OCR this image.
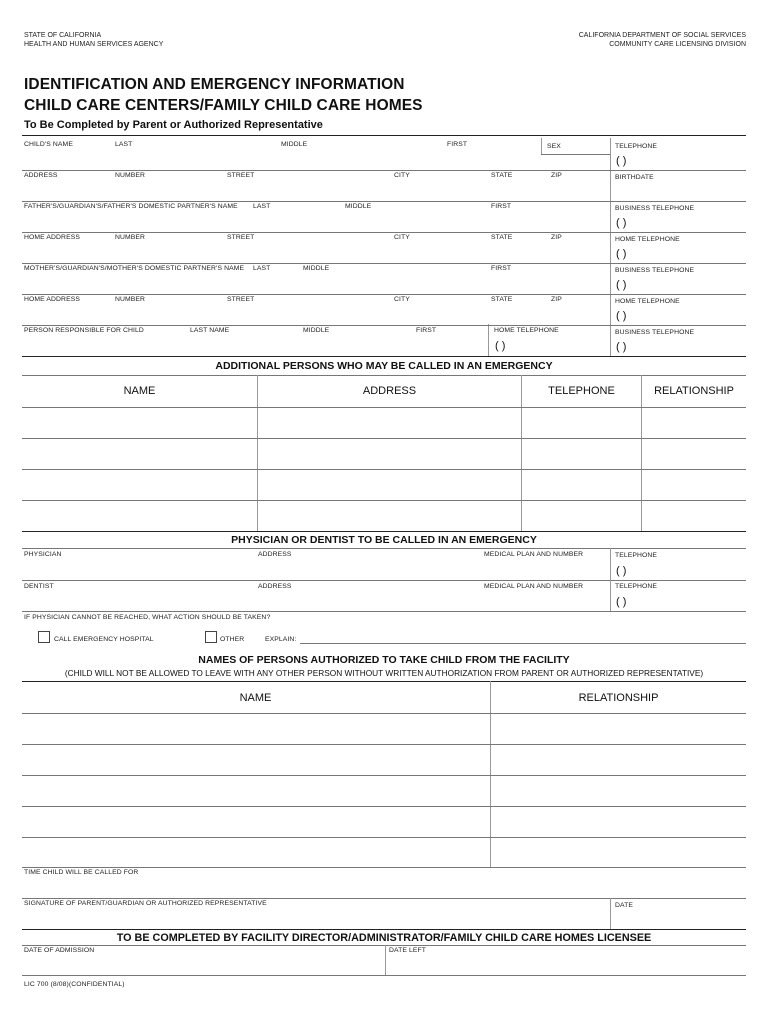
STATE OF CALIFORNIA
HEALTH AND HUMAN SERVICES AGENCY
CALIFORNIA DEPARTMENT OF SOCIAL SERVICES
COMMUNITY CARE LICENSING DIVISION
IDENTIFICATION AND EMERGENCY INFORMATION
CHILD CARE CENTERS/FAMILY CHILD CARE HOMES
To Be Completed by Parent or Authorized Representative
CHILD'S NAME	LAST	MIDDLE	FIRST	SEX	TELEPHONE
( )
ADDRESS	NUMBER	STREET	CITY	STATE	ZIP	BIRTHDATE
FATHER'S/GUARDIAN'S/FATHER'S DOMESTIC PARTNER'S NAME LAST	MIDDLE	FIRST	BUSINESS TELEPHONE
( )
HOME ADDRESS	NUMBER	STREET	CITY	STATE	ZIP	HOME TELEPHONE
( )
MOTHER'S/GUARDIAN'S/MOTHER'S DOMESTIC PARTNER'S NAME LAST	MIDDLE	FIRST	BUSINESS TELEPHONE
( )
HOME ADDRESS	NUMBER	STREET	CITY	STATE	ZIP	HOME TELEPHONE
( )
PERSON RESPONSIBLE FOR CHILD	LAST NAME	MIDDLE	FIRST	HOME TELEPHONE
( )
BUSINESS TELEPHONE
( )
ADDITIONAL PERSONS WHO MAY BE CALLED IN AN EMERGENCY
NAME	ADDRESS	TELEPHONE	RELATIONSHIP
PHYSICIAN OR DENTIST TO BE CALLED IN AN EMERGENCY
PHYSICIAN	ADDRESS	MEDICAL PLAN AND NUMBER	TELEPHONE
( )
DENTIST	ADDRESS	MEDICAL PLAN AND NUMBER	TELEPHONE
( )
IF PHYSICIAN CANNOT BE REACHED, WHAT ACTION SHOULD BE TAKEN?
CALL EMERGENCY HOSPITAL	OTHER	EXPLAIN:
NAMES OF PERSONS AUTHORIZED TO TAKE CHILD FROM THE FACILITY
(CHILD WILL NOT BE ALLOWED TO LEAVE WITH ANY OTHER PERSON WITHOUT WRITTEN AUTHORIZATION FROM PARENT OR AUTHORIZED REPRESENTATIVE)
NAME	RELATIONSHIP
TIME CHILD WILL BE CALLED FOR
SIGNATURE OF PARENT/GUARDIAN OR AUTHORIZED REPRESENTATIVE	DATE
TO BE COMPLETED BY FACILITY DIRECTOR/ADMINISTRATOR/FAMILY CHILD CARE HOMES LICENSEE
DATE OF ADMISSION	DATE LEFT
LIC 700 (8/08)(CONFIDENTIAL)
